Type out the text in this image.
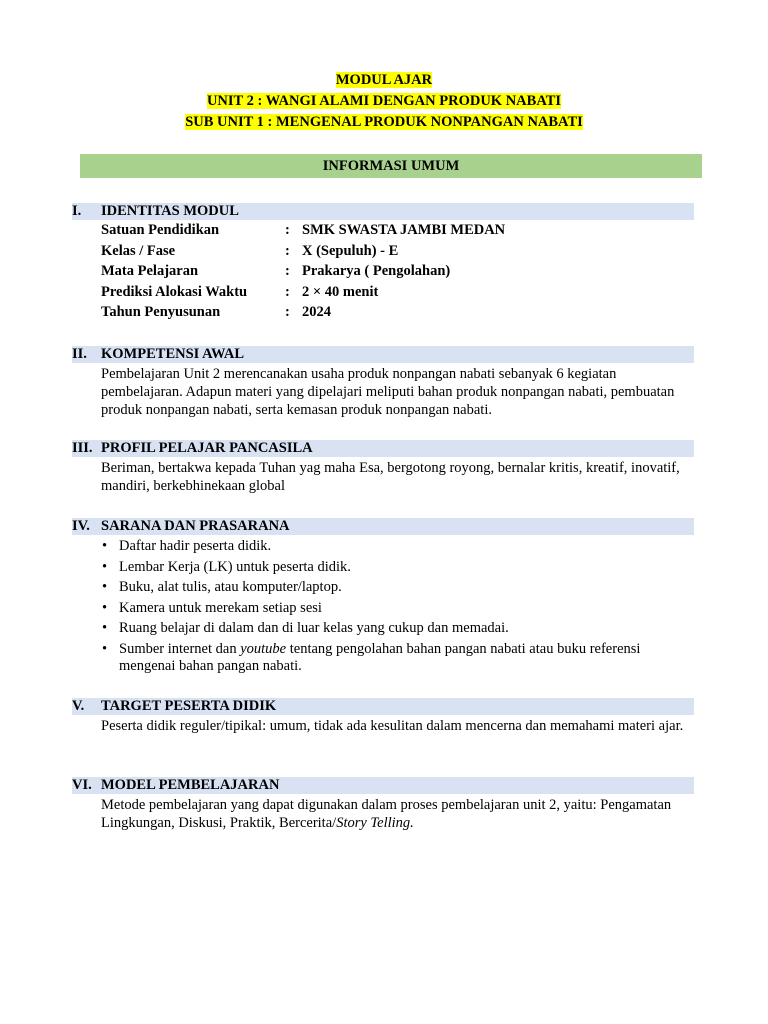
MODUL AJAR
UNIT 2 : WANGI ALAMI DENGAN PRODUK NABATI
SUB UNIT 1 : MENGENAL PRODUK NONPANGAN NABATI
INFORMASI UMUM
I. IDENTITAS MODUL
Satuan Pendidikan	:	SMK SWASTA JAMBI MEDAN
Kelas / Fase	:	X (Sepuluh) - E
Mata Pelajaran	:	Prakarya ( Pengolahan)
Prediksi Alokasi Waktu	:	2 × 40 menit
Tahun Penyusunan	:	2024
II. KOMPETENSI AWAL
Pembelajaran Unit 2 merencanakan usaha produk nonpangan nabati sebanyak 6 kegiatan pembelajaran. Adapun materi yang dipelajari meliputi bahan produk nonpangan nabati, pembuatan produk nonpangan nabati, serta kemasan produk nonpangan nabati.
III. PROFIL PELAJAR PANCASILA
Beriman, bertakwa kepada Tuhan yag maha Esa, bergotong royong, bernalar kritis, kreatif, inovatif, mandiri, berkebhinekaan global
IV. SARANA DAN PRASARANA
• Daftar hadir peserta didik.
• Lembar Kerja (LK) untuk peserta didik.
• Buku, alat tulis, atau komputer/laptop.
• Kamera untuk merekam setiap sesi
• Ruang belajar di dalam dan di luar kelas yang cukup dan memadai.
• Sumber internet dan youtube tentang pengolahan bahan pangan nabati atau buku referensi mengenai bahan pangan nabati.
V. TARGET PESERTA DIDIK
Peserta didik reguler/tipikal: umum, tidak ada kesulitan dalam mencerna dan memahami materi ajar.
VI. MODEL PEMBELAJARAN
Metode pembelajaran yang dapat digunakan dalam proses pembelajaran unit 2, yaitu: Pengamatan Lingkungan, Diskusi, Praktik, Bercerita/Story Telling.
